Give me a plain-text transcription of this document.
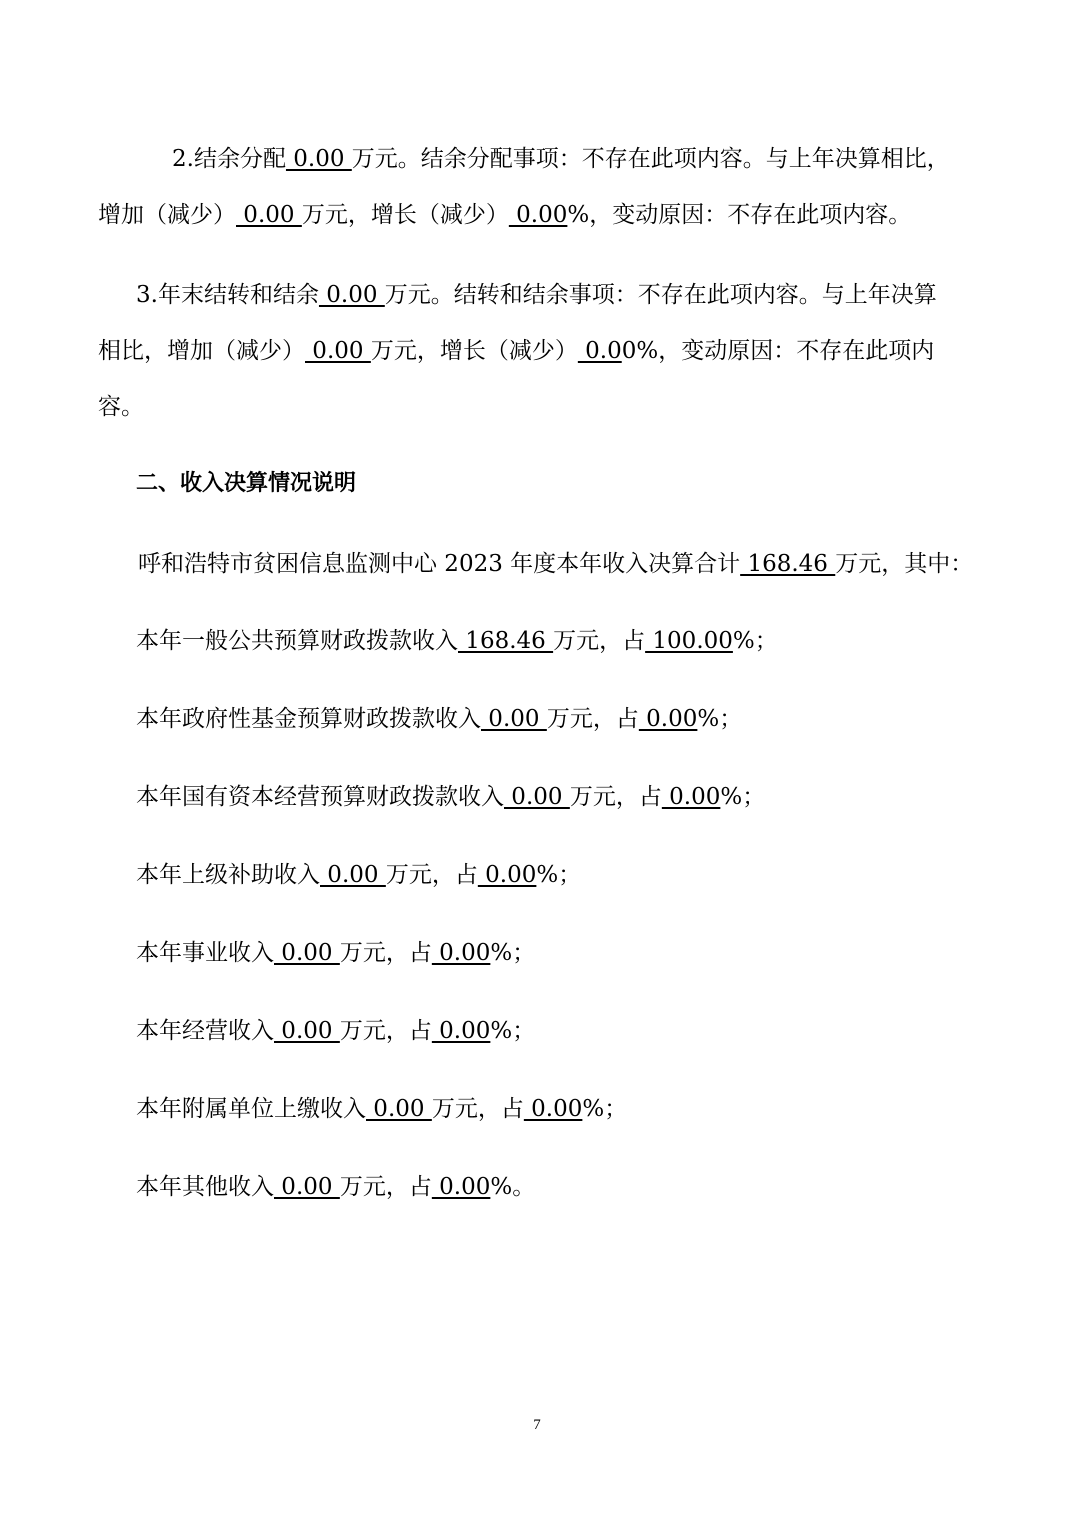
2.结余分配 0.00 万元。结余分配事项：不存在此项内容。与上年决算相比，
增加（减少） 0.00 万元，增长（减少） 0.00%，变动原因：不存在此项内容。
3.年末结转和结余 0.00 万元。结转和结余事项：不存在此项内容。与上年决算
相比，增加（减少） 0.00 万元，增长（减少） 0.00%，变动原因：不存在此项内
容。
二、收入决算情况说明
呼和浩特市贫困信息监测中心 2023 年度本年收入决算合计 168.46 万元，其中：
本年一般公共预算财政拨款收入 168.46 万元，占 100.00%；
本年政府性基金预算财政拨款收入 0.00 万元，占 0.00%；
本年国有资本经营预算财政拨款收入 0.00 万元，占 0.00%；
本年上级补助收入 0.00 万元，占 0.00%；
本年事业收入 0.00 万元，占 0.00%；
本年经营收入 0.00 万元，占 0.00%；
本年附属单位上缴收入 0.00 万元，占 0.00%；
本年其他收入 0.00 万元，占 0.00%。
7
